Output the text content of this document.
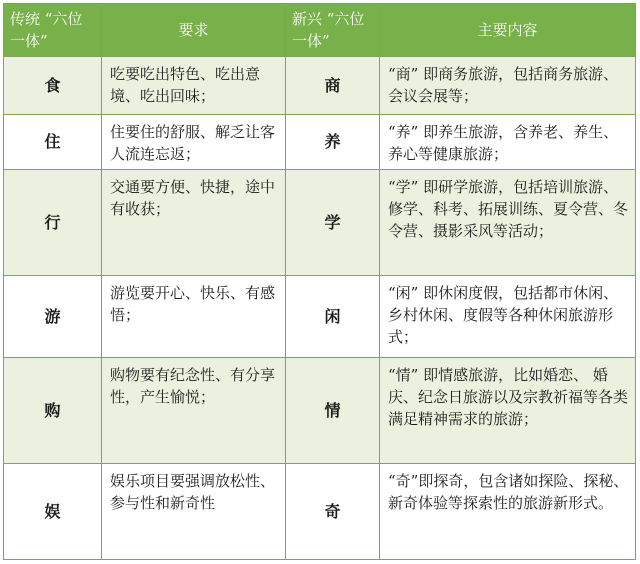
传统 “六位一体”	要求	新兴 “六位一体”	主要内容
食	吃要吃出特色、吃出意境、吃出回味；	商	“商” 即商务旅游，包括商务旅游、会议会展等；
住	住要住的舒服、解乏让客人流连忘返；	养	“养” 即养生旅游，含养老、养生、养心等健康旅游；
行	交通要方便、快捷，途中有收获；	学	“学” 即研学旅游，包括培训旅游、修学、科考、拓展训练、夏令营、冬令营、摄影采风等活动；
游	游览要开心、快乐、有感悟；	闲	“闲” 即休闲度假，包括都市休闲、乡村休闲、度假等各种休闲旅游形式；
购	购物要有纪念性、有分享性，产生愉悦；	情	“情” 即情感旅游，比如婚恋、 婚庆、纪念日旅游以及宗教祈福等各类满足精神需求的旅游；
娱	娱乐项目要强调放松性、参与性和新奇性	奇	“奇”即探奇，包含诸如探险、探秘、新奇体验等探索性的旅游新形式。
